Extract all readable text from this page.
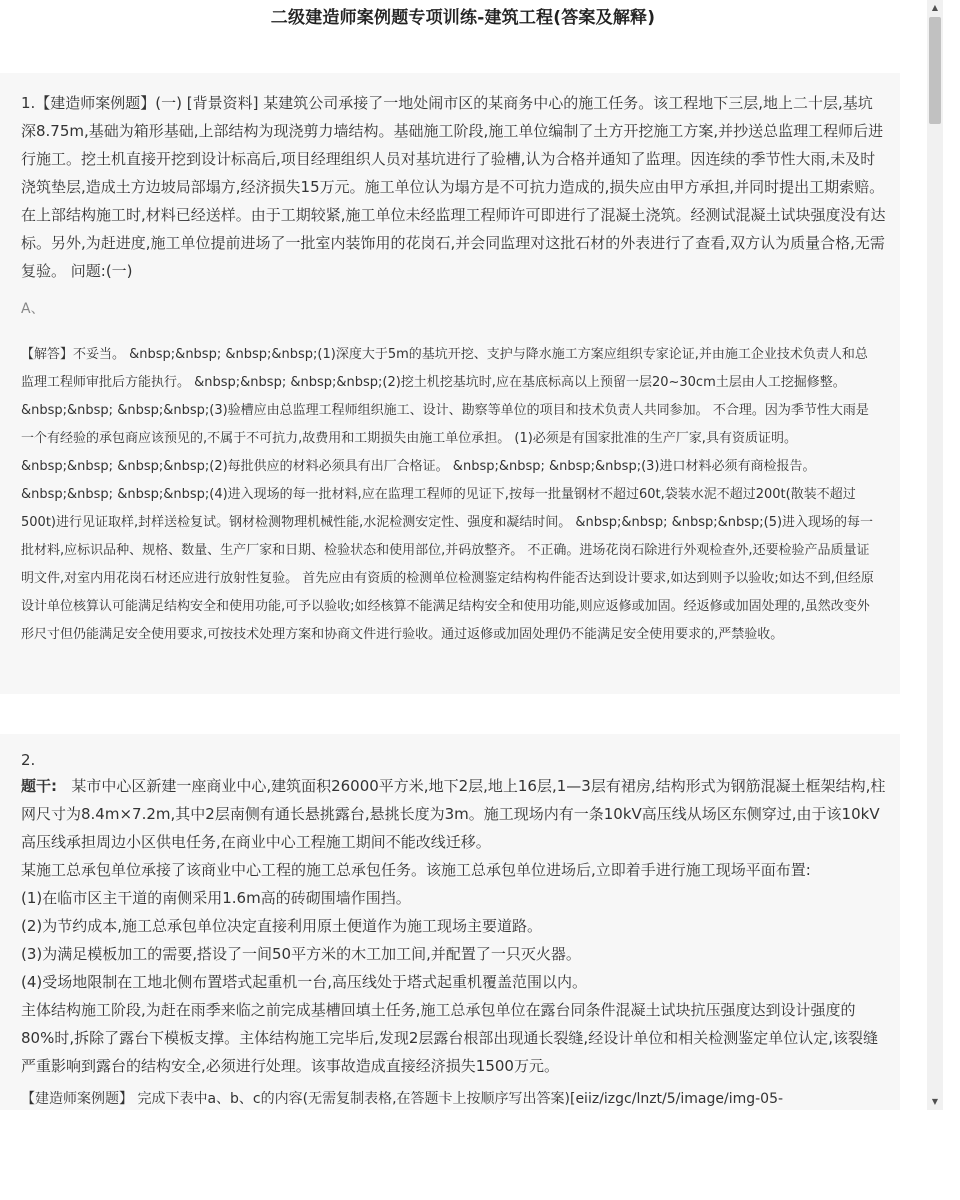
二级建造师案例题专项训练-建筑工程(答案及解释)

1.【建造师案例题】(一) [背景资料] 某建筑公司承接了一地处闹市区的某商务中心的施工任务。该工程地下三层,地上二十层,基坑深8.75m,基础为箱形基础,上部结构为现浇剪力墙结构。基础施工阶段,施工单位编制了土方开挖施工方案,并抄送总监理工程师后进行施工。挖土机直接开挖到设计标高后,项目经理组织人员对基坑进行了验槽,认为合格并通知了监理。因连续的季节性大雨,未及时浇筑垫层,造成土方边坡局部塌方,经济损失15万元。施工单位认为塌方是不可抗力造成的,损失应由甲方承担,并同时提出工期索赔。 在上部结构施工时,材料已经送样。由于工期较紧,施工单位未经监理工程师许可即进行了混凝土浇筑。经测试混凝土试块强度没有达标。另外,为赶进度,施工单位提前进场了一批室内装饰用的花岗石,并会同监理对这批石材的外表进行了查看,双方认为质量合格,无需复验。 问题:(一)

A、
【解答】不妥当。 &nbsp;&nbsp; &nbsp;&nbsp;(1)深度大于5m的基坑开挖、支护与降水施工方案应组织专家论证,并由施工企业技术负责人和总监理工程师审批后方能执行。 &nbsp;&nbsp; &nbsp;&nbsp;(2)挖土机挖基坑时,应在基底标高以上预留一层20~30cm土层由人工挖掘修整。 &nbsp;&nbsp; &nbsp;&nbsp;(3)验槽应由总监理工程师组织施工、设计、勘察等单位的项目和技术负责人共同参加。 不合理。因为季节性大雨是一个有经验的承包商应该预见的,不属于不可抗力,故费用和工期损失由施工单位承担。 (1)必须是有国家批准的生产厂家,具有资质证明。 &nbsp;&nbsp; &nbsp;&nbsp;(2)每批供应的材料必须具有出厂合格证。 &nbsp;&nbsp; &nbsp;&nbsp;(3)进口材料必须有商检报告。 &nbsp;&nbsp; &nbsp;&nbsp;(4)进入现场的每一批材料,应在监理工程师的见证下,按每一批量钢材不超过60t,袋装水泥不超过200t(散装不超过500t)进行见证取样,封样送检复试。钢材检测物理机械性能,水泥检测安定性、强度和凝结时间。 &nbsp;&nbsp; &nbsp;&nbsp;(5)进入现场的每一批材料,应标识品种、规格、数量、生产厂家和日期、检验状态和使用部位,并码放整齐。 不正确。进场花岗石除进行外观检查外,还要检验产品质量证明文件,对室内用花岗石材还应进行放射性复验。 首先应由有资质的检测单位检测鉴定结构构件能否达到设计要求,如达到则予以验收;如达不到,但经原设计单位核算认可能满足结构安全和使用功能,可予以验收;如经核算不能满足结构安全和使用功能,则应返修或加固。经返修或加固处理的,虽然改变外形尺寸但仍能满足安全使用要求,可按技术处理方案和协商文件进行验收。通过返修或加固处理仍不能满足安全使用要求的,严禁验收。
2.
题干: 某市中心区新建一座商业中心,建筑面积26000平方米,地下2层,地上16层,1—3层有裙房,结构形式为钢筋混凝土框架结构,柱网尺寸为8.4m×7.2m,其中2层南侧有通长悬挑露台,悬挑长度为3m。施工现场内有一条10kV高压线从场区东侧穿过,由于该10kV高压线承担周边小区供电任务,在商业中心工程施工期间不能改线迁移。
某施工总承包单位承接了该商业中心工程的施工总承包任务。该施工总承包单位进场后,立即着手进行施工现场平面布置:
(1)在临市区主干道的南侧采用1.6m高的砖砌围墙作围挡。
(2)为节约成本,施工总承包单位决定直接利用原土便道作为施工现场主要道路。
(3)为满足模板加工的需要,搭设了一间50平方米的木工加工间,并配置了一只灭火器。
(4)受场地限制在工地北侧布置塔式起重机一台,高压线处于塔式起重机覆盖范围以内。
主体结构施工阶段,为赶在雨季来临之前完成基槽回填土任务,施工总承包单位在露台同条件混凝土试块抗压强度达到设计强度的80%时,拆除了露台下模板支撑。主体结构施工完毕后,发现2层露台根部出现通长裂缝,经设计单位和相关检测鉴定单位认定,该裂缝严重影响到露台的结构安全,必须进行处理。该事故造成直接经济损失1500万元。
【建造师案例题】 完成下表中a、b、c的内容(无需复制表格,在答题卡上按顺序写出答案)[eiiz/izgc/lnzt/5/image/img-05-
▲
▼
